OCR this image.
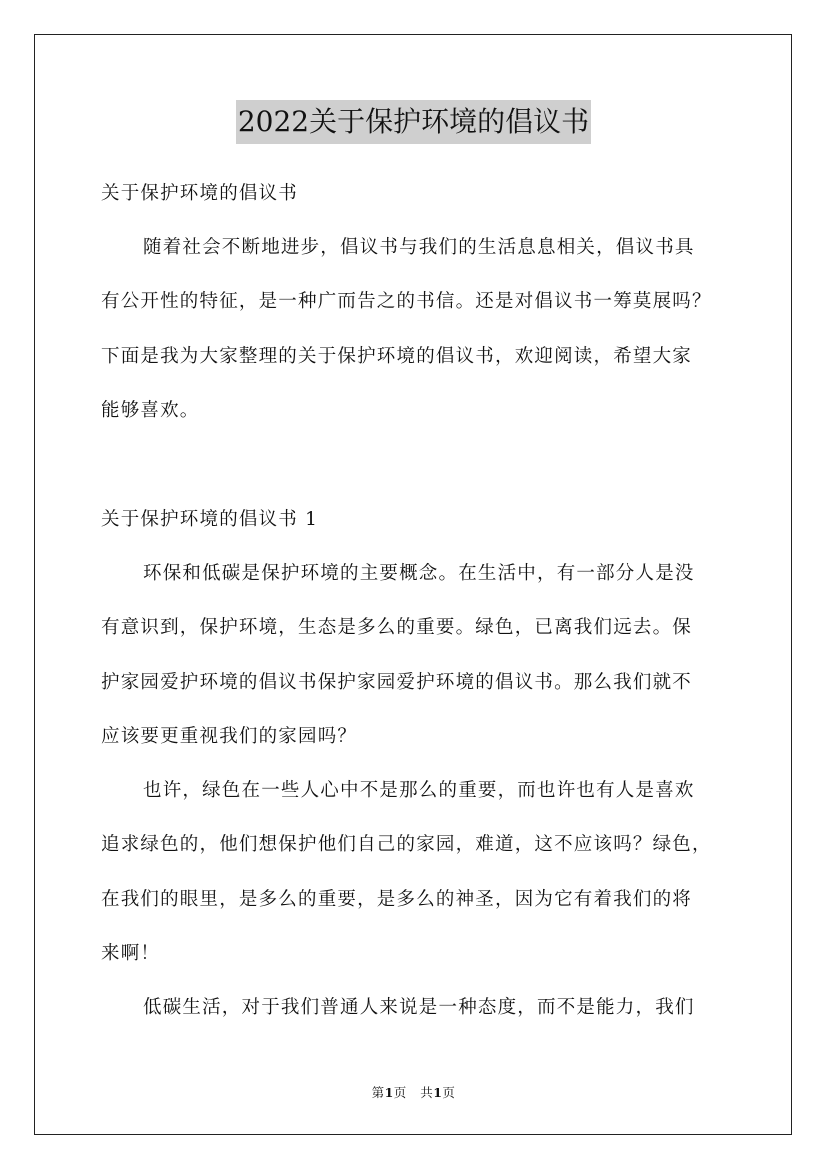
2022关于保护环境的倡议书
关于保护环境的倡议书
随着社会不断地进步，倡议书与我们的生活息息相关，倡议书具
有公开性的特征，是一种广而告之的书信。还是对倡议书一筹莫展吗？
下面是我为大家整理的关于保护环境的倡议书，欢迎阅读，希望大家
能够喜欢。
关于保护环境的倡议书 1
环保和低碳是保护环境的主要概念。在生活中，有一部分人是没
有意识到，保护环境，生态是多么的重要。绿色，已离我们远去。保
护家园爱护环境的倡议书保护家园爱护环境的倡议书。那么我们就不
应该要更重视我们的家园吗？
也许，绿色在一些人心中不是那么的重要，而也许也有人是喜欢
追求绿色的，他们想保护他们自己的家园，难道，这不应该吗？绿色，
在我们的眼里，是多么的重要，是多么的神圣，因为它有着我们的将
来啊！
低碳生活，对于我们普通人来说是一种态度，而不是能力，我们
第1页   共1页
